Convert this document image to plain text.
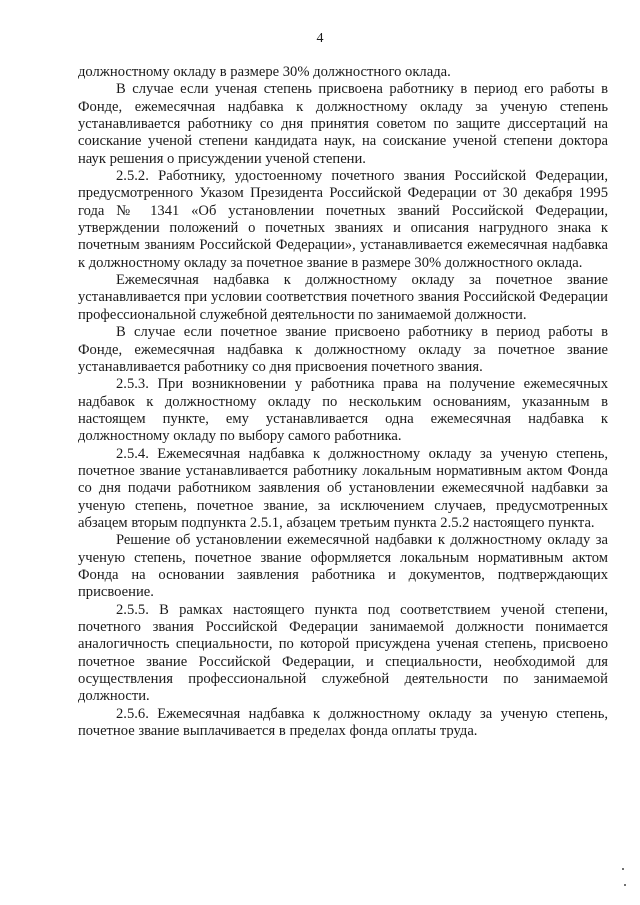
4

должностному окладу в размере 30% должностного оклада.

В случае если ученая степень присвоена работнику в период его работы в Фонде, ежемесячная надбавка к должностному окладу за ученую степень устанавливается работнику со дня принятия советом по защите диссертаций на соискание ученой степени кандидата наук, на соискание ученой степени доктора наук решения о присуждении ученой степени.

2.5.2. Работнику, удостоенному почетного звания Российской Федерации, предусмотренного Указом Президента Российской Федерации от 30 декабря 1995 года № 1341 «Об установлении почетных званий Российской Федерации, утверждении положений о почетных званиях и описания нагрудного знака к почетным званиям Российской Федерации», устанавливается ежемесячная надбавка к должностному окладу за почетное звание в размере 30% должностного оклада.

Ежемесячная надбавка к должностному окладу за почетное звание устанавливается при условии соответствия почетного звания Российской Федерации профессиональной служебной деятельности по занимаемой должности.

В случае если почетное звание присвоено работнику в период работы в Фонде, ежемесячная надбавка к должностному окладу за почетное звание устанавливается работнику со дня присвоения почетного звания.

2.5.3. При возникновении у работника права на получение ежемесячных надбавок к должностному окладу по нескольким основаниям, указанным в настоящем пункте, ему устанавливается одна ежемесячная надбавка к должностному окладу по выбору самого работника.

2.5.4. Ежемесячная надбавка к должностному окладу за ученую степень, почетное звание устанавливается работнику локальным нормативным актом Фонда со дня подачи работником заявления об установлении ежемесячной надбавки за ученую степень, почетное звание, за исключением случаев, предусмотренных абзацем вторым подпункта 2.5.1, абзацем третьим пункта 2.5.2 настоящего пункта.

Решение об установлении ежемесячной надбавки к должностному окладу за ученую степень, почетное звание оформляется локальным нормативным актом Фонда на основании заявления работника и документов, подтверждающих присвоение.

2.5.5. В рамках настоящего пункта под соответствием ученой степени, почетного звания Российской Федерации занимаемой должности понимается аналогичность специальности, по которой присуждена ученая степень, присвоено почетное звание Российской Федерации, и специальности, необходимой для осуществления профессиональной служебной деятельности по занимаемой должности.

2.5.6. Ежемесячная надбавка к должностному окладу за ученую степень, почетное звание выплачивается в пределах фонда оплаты труда.
